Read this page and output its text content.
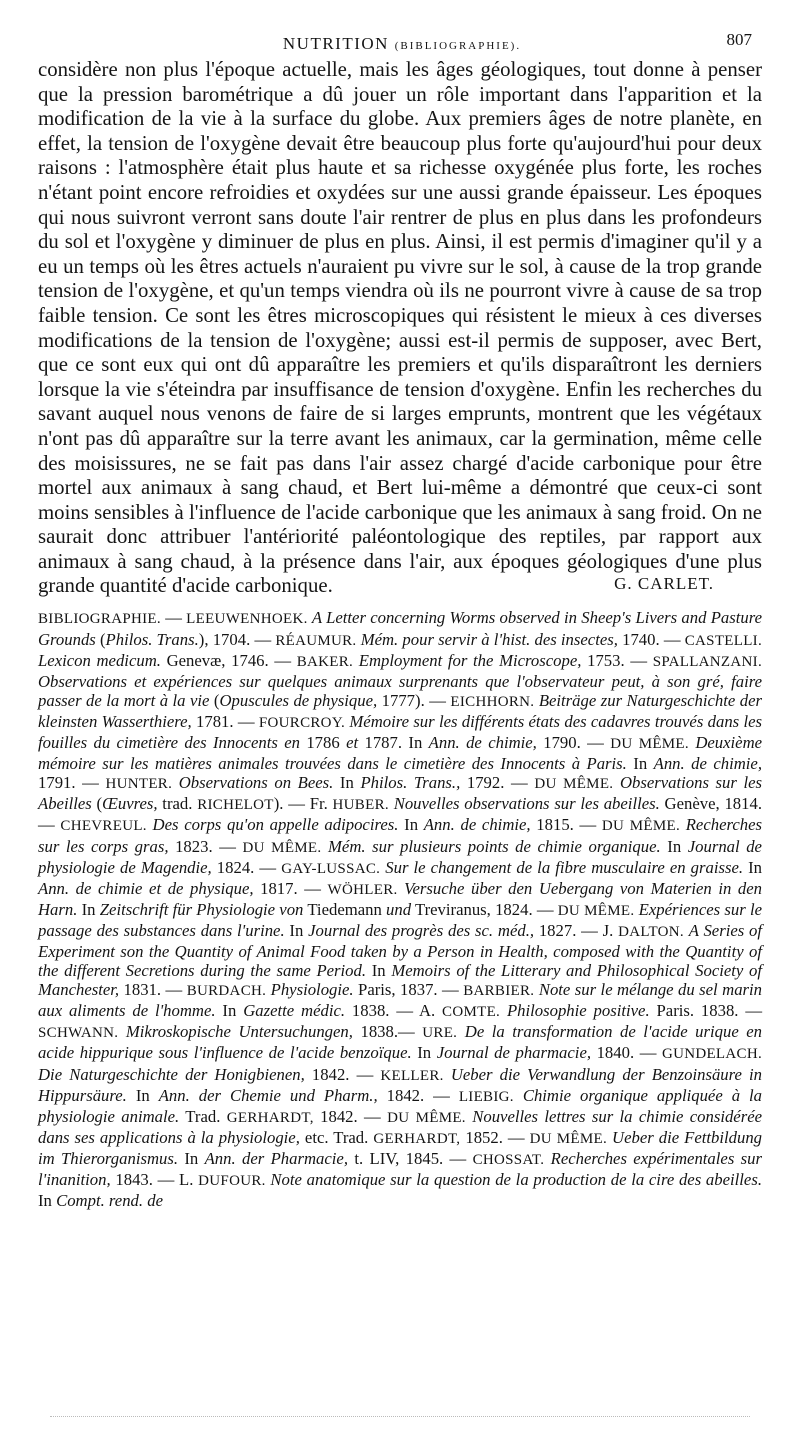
NUTRITION (BIBLIOGRAPHIE).	807

considère non plus l'époque actuelle, mais les âges géologiques, tout donne à penser que la pression barométrique a dû jouer un rôle important dans l'apparition et la modification de la vie à la surface du globe. Aux premiers âges de notre planète, en effet, la tension de l'oxygène devait être beaucoup plus forte qu'aujourd'hui pour deux raisons : l'atmosphère était plus haute et sa richesse oxygénée plus forte, les roches n'étant point encore refroidies et oxydées sur une aussi grande épaisseur. Les époques qui nous suivront verront sans doute l'air rentrer de plus en plus dans les profondeurs du sol et l'oxygène y diminuer de plus en plus. Ainsi, il est permis d'imaginer qu'il y a eu un temps où les êtres actuels n'auraient pu vivre sur le sol, à cause de la trop grande tension de l'oxygène, et qu'un temps viendra où ils ne pourront vivre à cause de sa trop faible tension. Ce sont les êtres microscopiques qui résistent le mieux à ces diverses modifications de la tension de l'oxygène; aussi est-il permis de supposer, avec Bert, que ce sont eux qui ont dû apparaître les premiers et qu'ils disparaîtront les derniers lorsque la vie s'éteindra par insuffisance de tension d'oxygène. Enfin les recherches du savant auquel nous venons de faire de si larges emprunts, montrent que les végétaux n'ont pas dû apparaître sur la terre avant les animaux, car la germination, même celle des moisissures, ne se fait pas dans l'air assez chargé d'acide carbonique pour être mortel aux animaux à sang chaud, et Bert lui-même a démontré que ceux-ci sont moins sensibles à l'influence de l'acide carbonique que les animaux à sang froid. On ne saurait donc attribuer l'antériorité paléontologique des reptiles, par rapport aux animaux à sang chaud, à la présence dans l'air, aux époques géologiques d'une plus grande quantité d'acide carbonique.	G. CARLET.

BIBLIOGRAPHIE. — LEEUWENHOEK. A Letter concerning Worms observed in Sheep's Livers and Pasture Grounds (Philos. Trans.), 1704. — RÉAUMUR. Mém. pour servir à l'hist. des insectes, 1740. — CASTELLI. Lexicon medicum. Genevæ, 1746. — BAKER. Employment for the Microscope, 1753. — SPALLANZANI. Observations et expériences sur quelques animaux surprenants que l'observateur peut, à son gré, faire passer de la mort à la vie (Opuscules de physique, 1777). — EICHHORN. Beiträge zur Naturgeschichte der kleinsten Wasserthiere, 1781. — FOURCROY. Mémoire sur les différents états des cadavres trouvés dans les fouilles du cimetière des Innocents en 1786 et 1787. In Ann. de chimie, 1790. — DU MÊME. Deuxième mémoire sur les matières animales trouvées dans le cimetière des Innocents à Paris. In Ann. de chimie, 1791. — HUNTER. Observations on Bees. In Philos. Trans., 1792. — DU MÊME. Observations sur les Abeilles (Œuvres, trad. RICHELOT). — Fr. HUBER. Nouvelles observations sur les abeilles. Genève, 1814. — CHEVREUL. Des corps qu'on appelle adipocires. In Ann. de chimie, 1815. — DU MÊME. Recherches sur les corps gras, 1823. — DU MÊME. Mém. sur plusieurs points de chimie organique. In Journal de physiologie de Magendie, 1824. — GAY-LUSSAC. Sur le changement de la fibre musculaire en graisse. In Ann. de chimie et de physique, 1817. — WÖHLER. Versuche über den Uebergang von Materien in den Harn. In Zeitschrift für Physiologie von Tiedemann und Treviranus, 1824. — DU MÊME. Expériences sur le passage des substances dans l'urine. In Journal des progrès des sc. méd., 1827. — J. DALTON. A Series of Experiment son the Quantity of Animal Food taken by a Person in Health, composed with the Quantity of the different Secretions during the same Period. In Memoirs of the Litterary and Philosophical Society of Manchester, 1831. — BURDACH. Physiologie. Paris, 1837. — BARBIER. Note sur le mélange du sel marin aux aliments de l'homme. In Gazette médic. 1838. — A. COMTE. Philosophie positive. Paris. 1838. — SCHWANN. Mikroskopische Untersuchungen, 1838.— URE. De la transformation de l'acide urique en acide hippurique sous l'influence de l'acide benzoïque. In Journal de pharmacie, 1840. — GUNDELACH. Die Naturgeschichte der Honigbienen, 1842. — KELLER. Ueber die Verwandlung der Benzoinsäure in Hippursäure. In Ann. der Chemie und Pharm., 1842. — LIEBIG. Chimie organique appliquée à la physiologie animale. Trad. GERHARDT, 1842. — DU MÊME. Nouvelles lettres sur la chimie considérée dans ses applications à la physiologie, etc. Trad. GERHARDT, 1852. — DU MÊME. Ueber die Fettbildung im Thierorganismus. In Ann. der Pharmacie, t. LIV, 1845. — CHOSSAT. Recherches expérimentales sur l'inanition, 1843. — L. DUFOUR. Note anatomique sur la question de la production de la cire des abeilles. In Compt. rend. de
